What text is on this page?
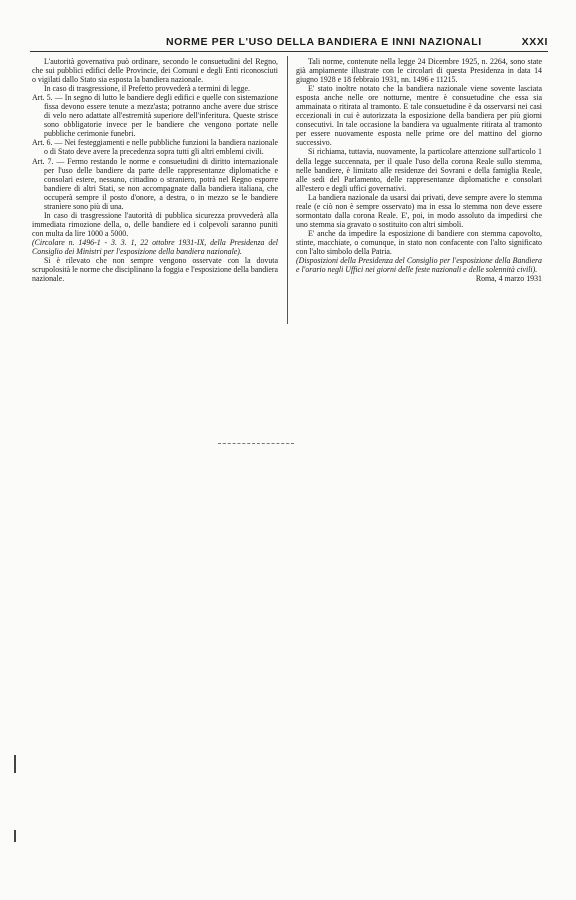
NORME PER L'USO DELLA BANDIERA E INNI NAZIONALI	XXXI

L'autorità governativa può ordinare, secondo le consuetudini del Regno, che sui pubblici edifici delle Provincie, dei Comuni e degli Enti riconosciuti o vigilati dallo Stato sia esposta la bandiera nazionale.

In caso di trasgressione, il Prefetto provvederà a termini di legge.

Art. 5. — In segno di lutto le bandiere degli edifici e quelle con sistemazione fissa devono essere tenute a mezz'asta; potranno anche avere due strisce di velo nero adattate all'estremità superiore dell'inferitura. Queste strisce sono obbligatorie invece per le bandiere che vengono portate nelle pubbliche cerimonie funebri.

Art. 6. — Nei festeggiamenti e nelle pubbliche funzioni la bandiera nazionale o di Stato deve avere la precedenza sopra tutti gli altri emblemi civili.

Art. 7. — Fermo restando le norme e consuetudini di diritto internazionale per l'uso delle bandiere da parte delle rappresentanze diplomatiche e consolari estere, nessuno, cittadino o straniero, potrà nel Regno esporre bandiere di altri Stati, se non accompagnate dalla bandiera italiana, che occuperà sempre il posto d'onore, a destra, o in mezzo se le bandiere straniere sono più di una.

In caso di trasgressione l'autorità di pubblica sicurezza provvederà alla immediata rimozione della, o, delle bandiere ed i colpevoli saranno puniti con multa da lire 1000 a 5000.

(Circolare n. 1496-1 - 3. 3. 1, 22 ottobre 1931-IX, della Presidenza del Consiglio dei Ministri per l'esposizione della bandiera nazionale).

Si è rilevato che non sempre vengono osservate con la dovuta scrupolosità le norme che disciplinano la foggia e l'esposizione della bandiera nazionale.

Tali norme, contenute nella legge 24 Dicembre 1925, n. 2264, sono state già ampiamente illustrate con le circolari di questa Presidenza in data 14 giugno 1928 e 18 febbraio 1931, nn. 1496 e 11215.

E' stato inoltre notato che la bandiera nazionale viene sovente lasciata esposta anche nelle ore notturne, mentre è consuetudine che essa sia ammainata o ritirata al tramonto. E tale consuetudine è da osservarsi nei casi eccezionali in cui è autorizzata la esposizione della bandiera per più giorni consecutivi. In tale occasione la bandiera va ugualmente ritirata al tramonto per essere nuovamente esposta nelle prime ore del mattino del giorno successivo.

Si richiama, tuttavia, nuovamente, la particolare attenzione sull'articolo 1 della legge succennata, per il quale l'uso della corona Reale sullo stemma, nelle bandiere, è limitato alle residenze dei Sovrani e della famiglia Reale, alle sedi del Parlamento, delle rappresentanze diplomatiche e consolari all'estero e degli uffici governativi.

La bandiera nazionale da usarsi dai privati, deve sempre avere lo stemma reale (e ciò non è sempre osservato) ma in essa lo stemma non deve essere sormontato dalla corona Reale. E', poi, in modo assoluto da impedirsi che uno stemma sia gravato o sostituito con altri simboli.

E' anche da impedire la esposizione di bandiere con stemma capovolto, stinte, macchiate, o comunque, in stato non confacente con l'alto significato con l'alto simbolo della Patria.

(Disposizioni della Presidenza del Consiglio per l'esposizione della Bandiera e l'orario negli Uffici nei giorni delle feste nazionali e delle solennità civili).

Roma, 4 marzo 1931
